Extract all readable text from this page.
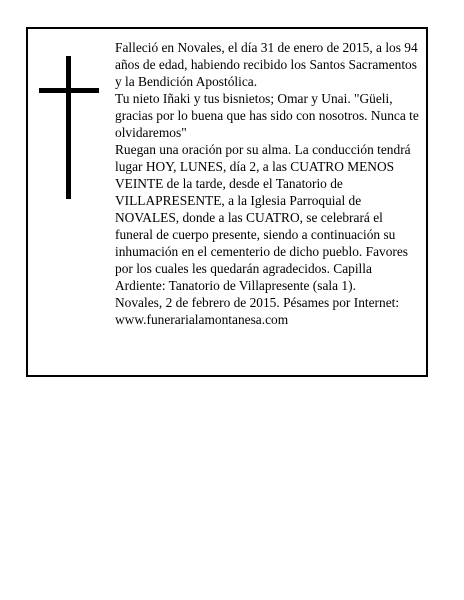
Falleció en Novales, el día 31 de enero de 2015, a los 94 años de edad, habiendo recibido los Santos Sacramentos y la Bendición Apostólica.

Tu nieto Iñaki y tus bisnietos; Omar y Unai. "Güeli, gracias por lo buena que has sido con nosotros. Nunca te olvidaremos"

Ruegan una oración por su alma. La conducción tendrá lugar HOY, LUNES, día 2, a las CUATRO MENOS VEINTE de la tarde, desde el Tanatorio de VILLAPRESENTE, a la Iglesia Parroquial de NOVALES, donde a las CUATRO, se celebrará el funeral de cuerpo presente, siendo a continuación su inhumación en el cementerio de dicho pueblo. Favores por los cuales les quedarán agradecidos. Capilla Ardiente: Tanatorio de Villapresente (sala 1).

Novales, 2 de febrero de 2015. Pésames por Internet: www.funerarialamontanesa.com
